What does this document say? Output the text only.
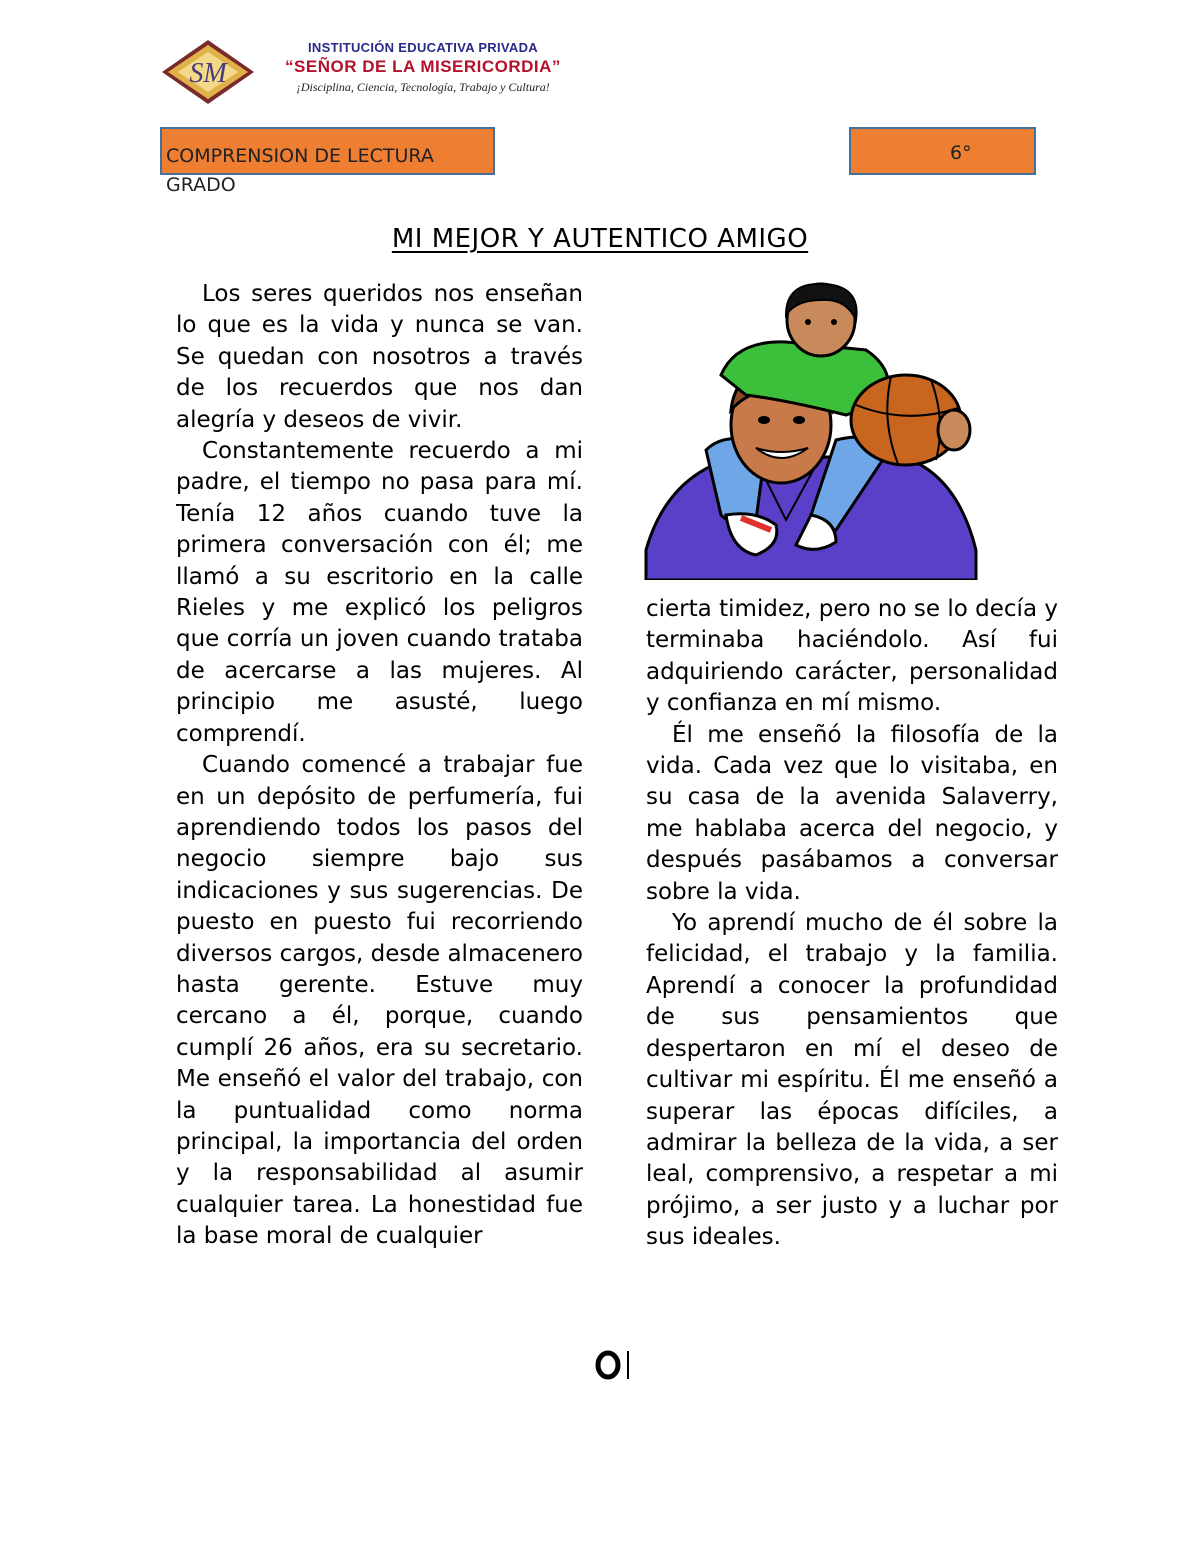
SM
INSTITUCIÓN EDUCATIVA PRIVADA
“SEÑOR DE LA MISERICORDIA”
¡Disciplina, Ciencia, Tecnología, Trabajo y Cultura!
COMPRENSION DE LECTURA
GRADO
6°
MI MEJOR Y AUTENTICO AMIGO

Los seres queridos nos enseñan lo que es la vida y nunca se van. Se quedan con nosotros a través de los recuerdos que nos dan alegría y deseos de vivir.

Constantemente recuerdo a mi padre, el tiempo no pasa para mí. Tenía 12 años cuando tuve la primera conversación con él; me llamó a su escritorio en la calle Rieles y me explicó los peligros que corría un joven cuando trataba de acercarse a las mujeres. Al principio me asusté, luego comprendí.

Cuando comencé a trabajar fue en un depósito de perfumería, fui aprendiendo todos los pasos del negocio siempre bajo sus indicaciones y sus sugerencias. De puesto en puesto fui recorriendo diversos cargos, desde almacenero hasta gerente. Estuve muy cercano a él, porque, cuando cumplí 26 años, era su secretario. Me enseñó el valor del trabajo, con la puntualidad como norma principal, la importancia del orden y la responsabilidad al asumir cualquier tarea. La honestidad fue la base moral de cualquier

cierta timidez, pero no se lo decía y terminaba haciéndolo. Así fui adquiriendo carácter, personalidad y confianza en mí mismo.

Él me enseñó la filosofía de la vida. Cada vez que lo visitaba, en su casa de la avenida Salaverry, me hablaba acerca del negocio, y después pasábamos a conversar sobre la vida.

Yo aprendí mucho de él sobre la felicidad, el trabajo y la familia. Aprendí a conocer la profundidad de sus pensamientos que despertaron en mí el deseo de cultivar mi espíritu. Él me enseñó a superar las épocas difíciles, a admirar la belleza de la vida, a ser leal, comprensivo, a respetar a mi prójimo, a ser justo y a luchar por sus ideales.
